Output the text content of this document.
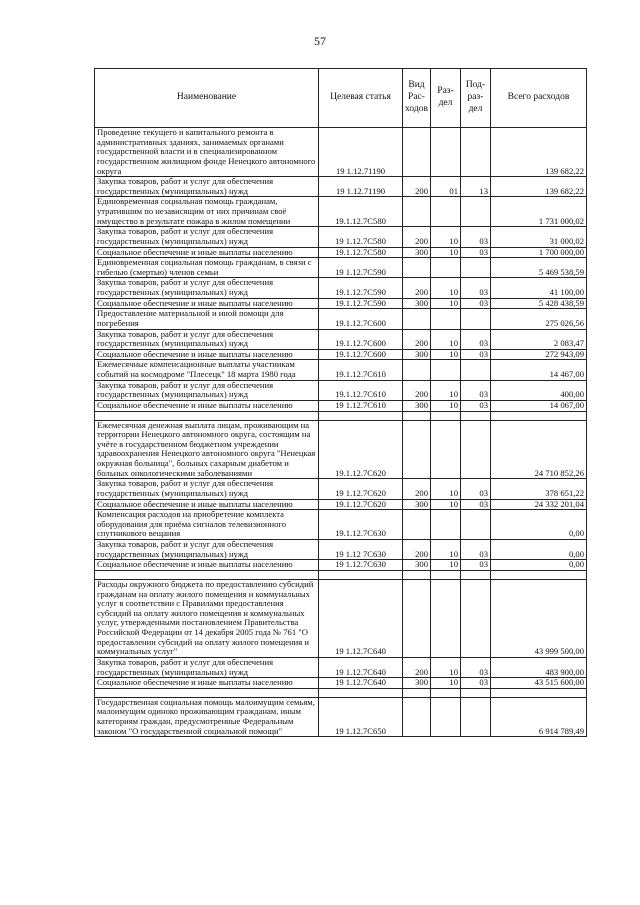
57
Наименование	Целевая статья	Вид Рас-ходов	Раз-дел	Под-раз-дел	Всего расходов
Проведение текущего и капитального ремонта в административных зданиях, занимаемых органами государственной власти и в специализированном государственном жилищном фонде Ненецкого автономного округа	19 1.12.71190				139 682,22
Закупка товаров, работ и услуг для обеспечения государственных (муниципальных) нужд	19 1.12.71190	200	01	13	139 682,22
Единовременная социальная помощь гражданам, утратившим по независящим от них причинам своё имущество в результате пожара в жилом помещении	19.1.12.7С580				1 731 000,02
Закупка товаров, работ и услуг для обеспечения государственных (муниципальных) нужд	19 1.12.7С580	200	10	03	31 000,02
Социальное обеспечение и иные выплаты населению	19.1.12.7С580	300	10	03	1 700 000,00
Единовременная социальная помощь гражданам, в связи с гибелью (смертью) членов семьи	19 1.12.7С590				5 469 538,59
Закупка товаров, работ и услуг для обеспечения государственных (муниципальных) нужд	19.1.12.7С590	200	10	03	41 100,00
Социальное обеспечение и иные выплаты населению	19.1.12.7С590	300	10	03	5 428 438,59
Предоставление материальной и иной помощи для погребения	19.1.12.7С600				275 026,56
Закупка товаров, работ и услуг для обеспечения государственных (муниципальных) нужд	19.1.12.7С600	200	10	03	2 083,47
Социальное обеспечение и иные выплаты населению	19.1.12.7С600	300	10	03	272 943,09
Ежемесячные компенсационные выплаты участникам событий на космодроме "Плесецк" 18 марта 1980 года	19.1.12.7С610				14 467,00
Закупка товаров, работ и услуг для обеспечения государственных (муниципальных) нужд	19.1.12.7С610	200	10	03	400,00
Социальное обеспечение и иные выплаты населению	19 1.12.7С610	300	10	03	14 067,00

Ежемесячная денежная выплата лицам, проживающим на территории Ненецкого автономного округа, состоящим на учёте в государственном бюджетном учреждении здравоохранения Ненецкого автономного округа "Ненецкая окружная больница", больных сахарным диабетом и больных онкологическими заболеваниями	19.1.12.7С620				24 710 852,26
Закупка товаров, работ и услуг для обеспечения государственных (муниципальных) нужд	19 1.12.7С620	200	10	03	378 651,22
Социальное обеспечение и иные выплаты населению	19.1.12.7С620	300	10	03	24 332 201,04
Компенсация расходов на приобретение комплекта оборудования для приёма сигналов телевизионного спутникового вещания	19.1.12.7С630				0,00
Закупка товаров, работ и услуг для обеспечения государственных (муниципальных) нужд	19 1.12 7С630	200	10	03	0,00
Социальное обеспечение и иные выплаты населению	19 1.12.7С630	300	10	03	0,00

Расходы окружного бюджета по предоставлению субсидий гражданам на оплату жилого помещения и коммунальных услуг в соответствии с Правилами предоставления субсидий на оплату жилого помещения и коммунальных услуг, утвержденными постановлением Правительства Российской Федерации от 14 декабря 2005 года № 761 "О предоставлении субсидий на оплату жилого помещения и коммунальных услуг"	19 1.12.7С640				43 999 500,00
Закупка товаров, работ и услуг для обеспечения государственных (муниципальных) нужд	19 1.12.7С640	200	10	03	483 900,00
Социальное обеспечение и иные выплаты населению	19 1.12.7С640	300	10	03	43 515 600,00

Государственная социальная помощь малоимущим семьям, малоимущим одиноко проживающим гражданам, иным категориям граждан, предусмотренные Федеральным законом "О государственной социальной помощи"	19 1.12.7С650				6 914 789,49
